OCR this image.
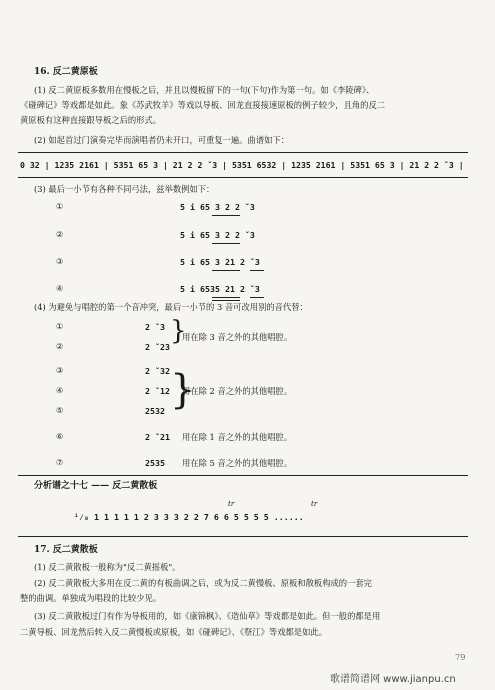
16. 反二黄原板
(1) 反二黄原板多数用在慢板之后，并且以慢板留下的一句(下句)作为第一句。如《李陵碑》、
《碰碑记》等戏都是如此。象《苏武牧羊》等戏以导板、回龙直接接速原板的例子较少，且角的反二
黄原板有这种直接跟导板之后的形式。
(2) 如起首过门演奏完毕而演唱者仍未开口，可重复一遍。曲谱如下：
0 32 | 1235 2161 | 5351 65 3 | 21 2 2 ˇ3 | 5351 6532 | 1235 2161 | 5351 65 3 | 21 2 2 ˇ3 |
(3) 最后一小节有各种不同弓法，兹举数例如下：
①	5 i 65 3 2 2 ˇ3
②	5 i 65 3 2 2 ˇ3
③	5 i 65 3 21 2 ˇ3
④	5 i 6535 21 2 ˇ3
(4) 为避免与唱腔的第一个音冲突，最后一小节的 3 音可改用别的音代替：
①	2 ˇ3
②	2 ˇ23
}
用在除 3 音之外的其他唱腔。
③	2 ˇ32
④	2 ˇ12
⑤	2532 }
用在除 2 音之外的其他唱腔。
⑥	2 ˇ21 用在除 1 音之外的其他唱腔。
⑦	2535 用在除 5 音之外的其他唱腔。
分析谱之十七 —— 反二黄散板
tr	tr
ⁱ⁄₈ 1 1 1 1 1 2 3 3 3 2 2 7 6 6 5 5 5 5 ......
17. 反二黄散板
(1) 反二黄散板一般称为"反二黄摇板"。
(2) 反二黄散板大多用在反二黄的有板曲调之后，或为反二黄慢板、原板和散板构成的一套完
整的曲调。单独成为唱段的比较少见。
(3) 反二黄散板过门有作为导板用的，如《康锦枫》、《造仙草》等戏都是如此。但一般的都是用
二黄导板、回龙然后转入反二黄慢板或原板，如《碰碑记》、《祭江》等戏都是如此。
79
歌谱简谱网 www.jianpu.cn
